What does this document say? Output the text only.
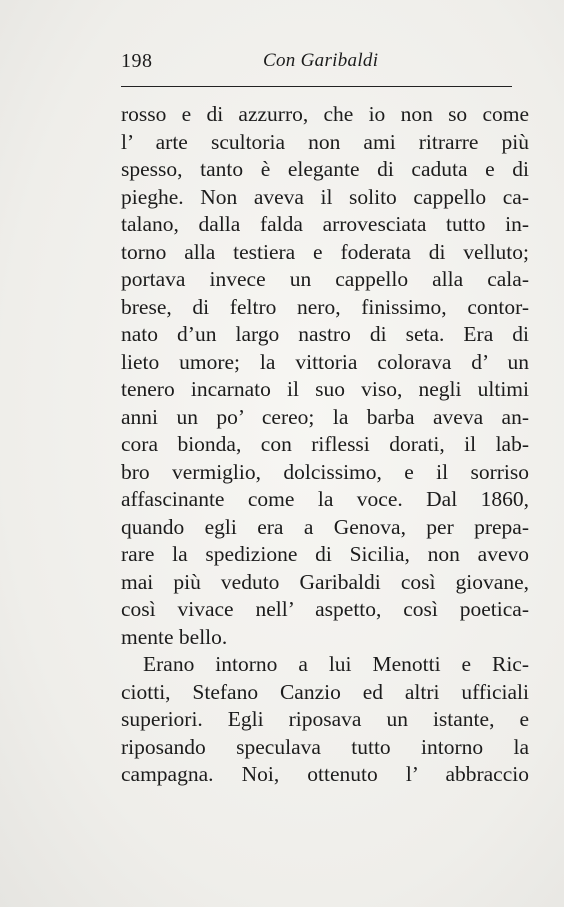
198	Con Garibaldi
rosso e di azzurro, che io non so come
l’ arte scultoria non ami ritrarre più
spesso, tanto è elegante di caduta e di
pieghe. Non aveva il solito cappello ca-
talano, dalla falda arrovesciata tutto in-
torno alla testiera e foderata di velluto;
portava invece un cappello alla cala-
brese, di feltro nero, finissimo, contor-
nato d’un largo nastro di seta. Era di
lieto umore; la vittoria colorava d’ un
tenero incarnato il suo viso, negli ultimi
anni un po’ cereo; la barba aveva an-
cora bionda, con riflessi dorati, il lab-
bro vermiglio, dolcissimo, e il sorriso
affascinante come la voce. Dal 1860,
quando egli era a Genova, per prepa-
rare la spedizione di Sicilia, non avevo
mai più veduto Garibaldi così giovane,
così vivace nell’ aspetto, così poetica-
mente bello.
Erano intorno a lui Menotti e Ric-
ciotti, Stefano Canzio ed altri ufficiali
superiori. Egli riposava un istante, e
riposando speculava tutto intorno la
campagna. Noi, ottenuto l’ abbraccio
